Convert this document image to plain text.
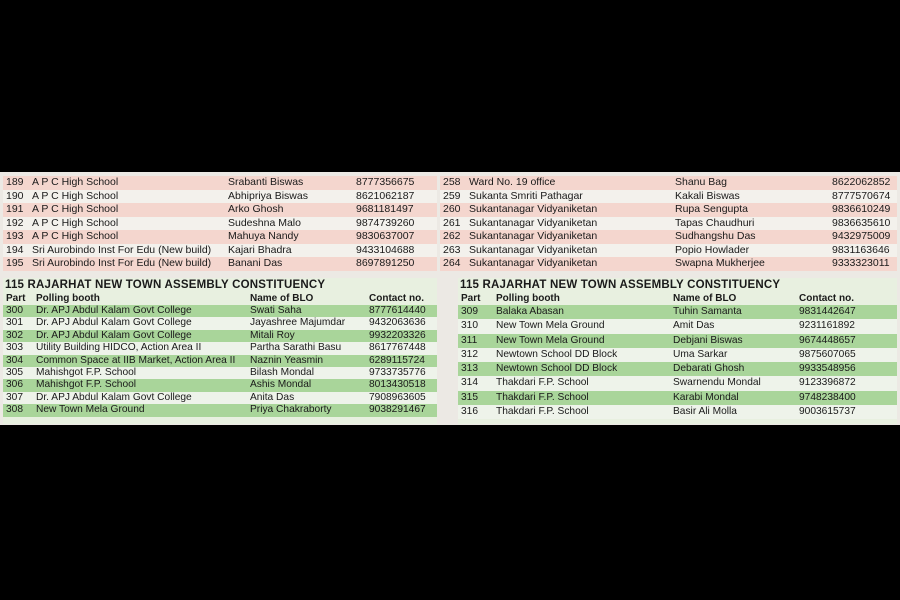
189 A P C High School	Srabanti Biswas	8777356675
190 A P C High School	Abhipriya Biswas	8621062187
191 A P C High School	Arko Ghosh	9681181497
192 A P C High School	Sudeshna Malo	9874739260
193 A P C High School	Mahuya Nandy	9830637007
194 Sri Aurobindo Inst For Edu (New build)	Kajari Bhadra	9433104688
195 Sri Aurobindo Inst For Edu (New build)	Banani Das	8697891250
258 Ward No. 19 office	Shanu Bag	8622062852
259 Sukanta Smriti Pathagar	Kakali Biswas	8777570674
260 Sukantanagar Vidyaniketan	Rupa Sengupta	9836610249
261 Sukantanagar Vidyaniketan	Tapas Chaudhuri	9836635610
262 Sukantanagar Vidyaniketan	Sudhangshu Das	9432975009
263 Sukantanagar Vidyaniketan	Popio Howlader	9831163646
264 Sukantanagar Vidyaniketan	Swapna Mukherjee	9333323011
115 RAJARHAT NEW TOWN ASSEMBLY CONSTITUENCY
Part	Polling booth	Name of BLO	Contact no.
300	Dr. APJ Abdul Kalam Govt College	Swati Saha	8777614440
301	Dr. APJ Abdul Kalam Govt College	Jayashree Majumdar	9432063636
302	Dr. APJ Abdul Kalam Govt College	Mitali Roy	9932203326
303	Utility Building HIDCO, Action Area II	Partha Sarathi Basu	8617767448
304	Common Space at IIB Market, Action Area II	Naznin Yeasmin	6289115724
305	Mahishgot F.P. School	Bilash Mondal	9733735776
306	Mahishgot F.P. School	Ashis Mondal	8013430518
307	Dr. APJ Abdul Kalam Govt College	Anita Das	7908963605
308	New Town Mela Ground	Priya Chakraborty	9038291467
115 RAJARHAT NEW TOWN ASSEMBLY CONSTITUENCY
Part	Polling booth	Name of BLO	Contact no.
309	Balaka Abasan	Tuhin Samanta	9831442647
310	New Town Mela Ground	Amit Das	9231161892
311	New Town Mela Ground	Debjani Biswas	9674448657
312	Newtown School DD Block	Uma Sarkar	9875607065
313	Newtown School DD Block	Debarati Ghosh	9933548956
314	Thakdari F.P. School	Swarnendu Mondal	9123396872
315	Thakdari F.P. School	Karabi Mondal	9748238400
316	Thakdari F.P. School	Basir Ali Molla	9003615737
